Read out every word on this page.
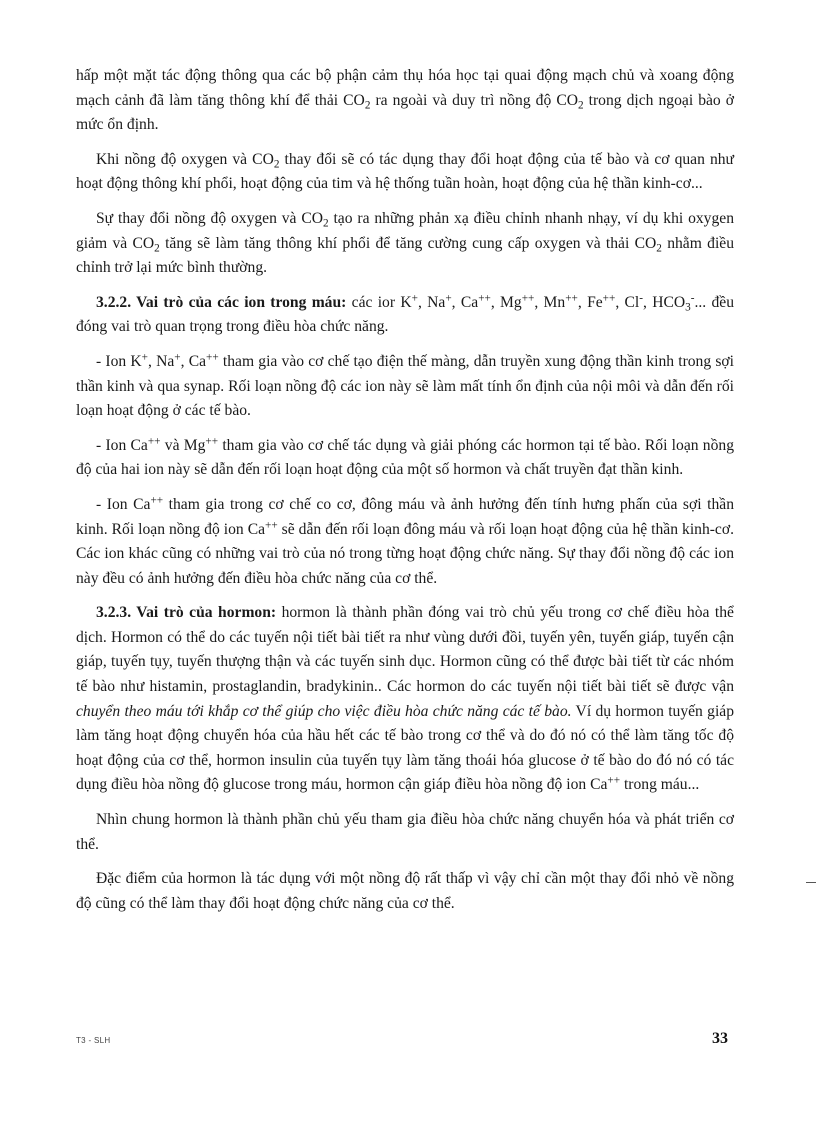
hấp một mặt tác động thông qua các bộ phận cảm thụ hóa học tại quai động mạch chủ và xoang động mạch cảnh đã làm tăng thông khí để thải $CO_2$ ra ngoài và duy trì nồng độ $CO_2$ trong dịch ngoại bào ở mức ổn định.

Khi nồng độ oxygen và $CO_2$ thay đổi sẽ có tác dụng thay đổi hoạt động của tế bào và cơ quan như hoạt động thông khí phổi, hoạt động của tim và hệ thống tuần hoàn, hoạt động của hệ thần kinh-cơ...

Sự thay đổi nồng độ oxygen và $CO_2$ tạo ra những phản xạ điều chỉnh nhanh nhạy, ví dụ khi oxygen giảm và $CO_2$ tăng sẽ làm tăng thông khí phổi để tăng cường cung cấp oxygen và thải $CO_2$ nhằm điều chỉnh trở lại mức bình thường.

3.2.2. Vai trò của các ion trong máu: các ior K+, Na+, Ca++, Mg++, Mn++, Fe++, Cl-, $HCO_3^-$... đều đóng vai trò quan trọng trong điều hòa chức năng.

- Ion K+, Na+, Ca++ tham gia vào cơ chế tạo điện thế màng, dẫn truyền xung động thần kinh trong sợi thần kinh và qua synap. Rối loạn nồng độ các ion này sẽ làm mất tính ổn định của nội môi và dẫn đến rối loạn hoạt động ở các tế bào.

- Ion Ca++ và Mg++ tham gia vào cơ chế tác dụng và giải phóng các hormon tại tế bào. Rối loạn nồng độ của hai ion này sẽ dẫn đến rối loạn hoạt động của một số hormon và chất truyền đạt thần kinh.

- Ion Ca++ tham gia trong cơ chế co cơ, đông máu và ảnh hưởng đến tính hưng phấn của sợi thần kinh. Rối loạn nồng độ ion Ca++ sẽ dẫn đến rối loạn đông máu và rối loạn hoạt động của hệ thần kinh-cơ. Các ion khác cũng có những vai trò của nó trong từng hoạt động chức năng. Sự thay đổi nồng độ các ion này đều có ảnh hưởng đến điều hòa chức năng của cơ thể.

3.2.3. Vai trò của hormon: hormon là thành phần đóng vai trò chủ yếu trong cơ chế điều hòa thể dịch. Hormon có thể do các tuyến nội tiết bài tiết ra như vùng dưới đồi, tuyến yên, tuyến giáp, tuyến cận giáp, tuyến tụy, tuyến thượng thận và các tuyến sinh dục. Hormon cũng có thể được bài tiết từ các nhóm tế bào như histamin, prostaglandin, bradykinin.. Các hormon do các tuyến nội tiết bài tiết sẽ được vận chuyển theo máu tới khắp cơ thể giúp cho việc điều hòa chức năng các tế bào. Ví dụ hormon tuyến giáp làm tăng hoạt động chuyển hóa của hầu hết các tế bào trong cơ thể và do đó nó có thể làm tăng tốc độ hoạt động của cơ thể, hormon insulin của tuyến tụy làm tăng thoái hóa glucose ở tế bào do đó nó có tác dụng điều hòa nồng độ glucose trong máu, hormon cận giáp điều hòa nồng độ ion Ca++ trong máu...

Nhìn chung hormon là thành phần chủ yếu tham gia điều hòa chức năng chuyển hóa và phát triển cơ thể.

Đặc điểm của hormon là tác dụng với một nồng độ rất thấp vì vậy chỉ cần một thay đổi nhỏ về nồng độ cũng có thể làm thay đổi hoạt động chức năng của cơ thể.

T3 - SLH	33
